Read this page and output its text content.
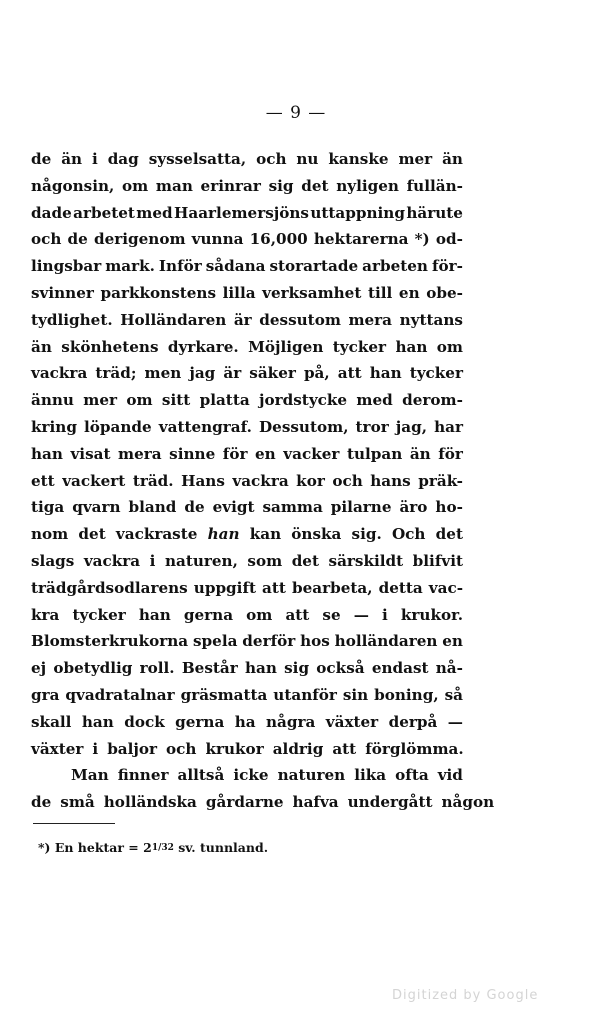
— 9 —
de än i dag sysselsatta, och nu kanske mer än
någonsin, om man erinrar sig det nyligen fullän-
dade arbetet med Haarlemersjöns uttappning härute
och de derigenom vunna 16,000 hektarerna *) od-
lingsbar mark. Inför sådana storartade arbeten för-
svinner parkkonstens lilla verksamhet till en obe-
tydlighet. Holländaren är dessutom mera nyttans
än skönhetens dyrkare. Möjligen tycker han om
vackra träd; men jag är säker på, att han tycker
ännu mer om sitt platta jordstycke med derom-
kring löpande vattengraf. Dessutom, tror jag, har
han visat mera sinne för en vacker tulpan än för
ett vackert träd. Hans vackra kor och hans präk-
tiga qvarn bland de evigt samma pilarne äro ho-
nom det vackraste han kan önska sig. Och det
slags vackra i naturen, som det särskildt blifvit
trädgårdsodlarens uppgift att bearbeta, detta vac-
kra tycker han gerna om att se — i krukor.
Blomsterkrukorna spela derför hos holländaren en
ej obetydlig roll. Består han sig också endast nå-
gra qvadratalnar gräsmatta utanför sin boning, så
skall han dock gerna ha några växter derpå —
växter i baljor och krukor aldrig att förglömma.
Man finner alltså icke naturen lika ofta vid
de små holländska gårdarne hafva undergått någon
*) En hektar = 21/32 sv. tunnland.
Digitized by Google
